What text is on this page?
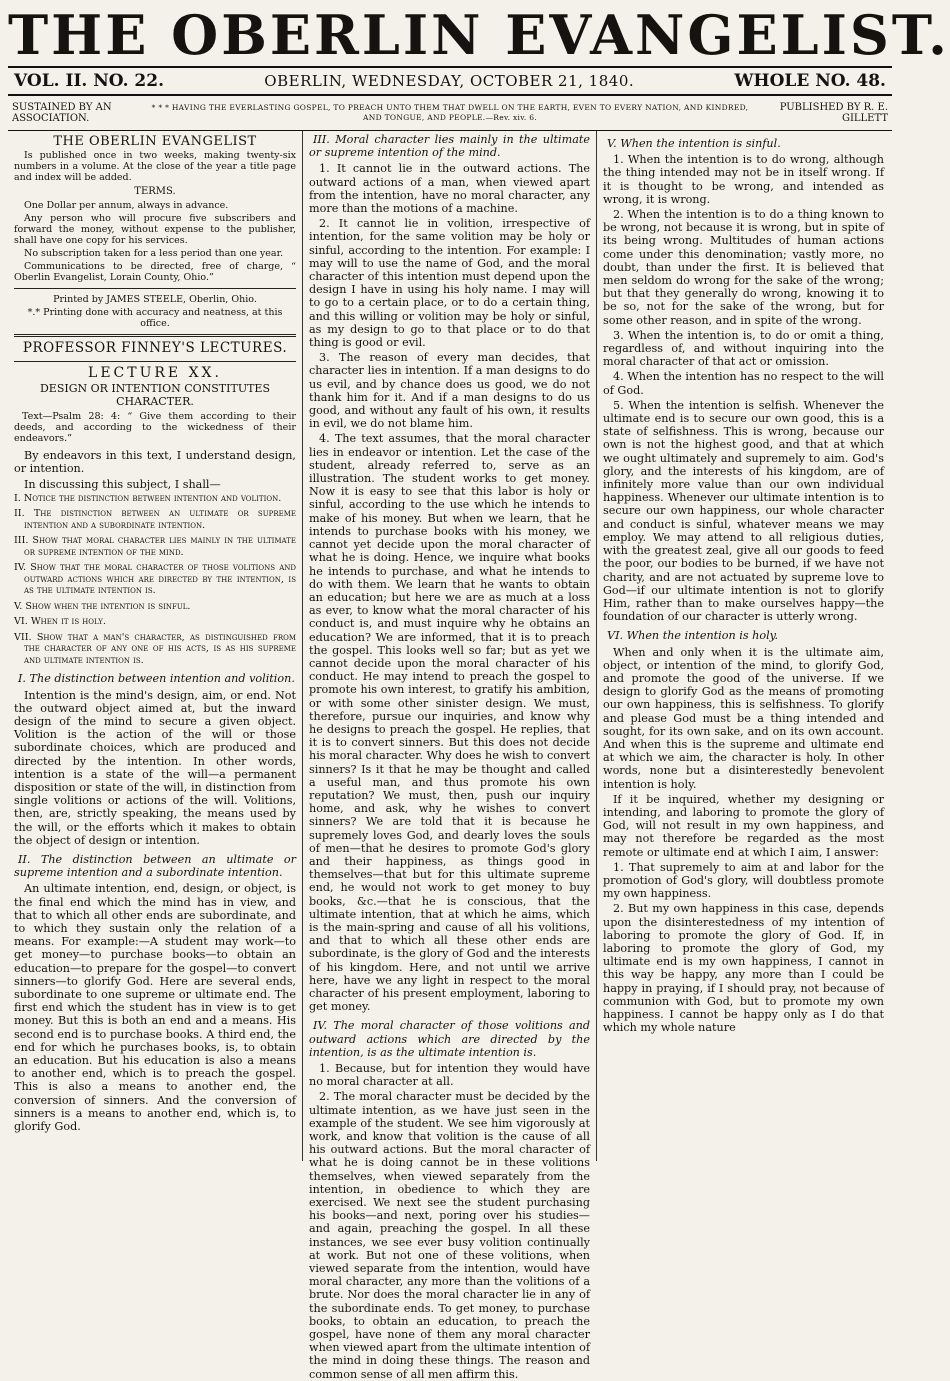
THE OBERLIN EVANGELIST.
VOL. II. NO. 22.	OBERLIN, WEDNESDAY, OCTOBER 21, 1840.	WHOLE NO. 48.
SUSTAINED BY AN ASSOCIATION.
* * * HAVING THE EVERLASTING GOSPEL, TO PREACH UNTO THEM THAT DWELL ON THE EARTH, EVEN TO EVERY NATION, AND KINDRED, AND TONGUE, AND PEOPLE.—Rev. xiv. 6.
PUBLISHED BY R. E. GILLETT
THE OBERLIN EVANGELIST

Is published once in two weeks, making twenty-six numbers in a volume. At the close of the year a title page and index will be added.

TERMS.

One Dollar per annum, always in advance.

Any person who will procure five subscribers and forward the money, without expense to the publisher, shall have one copy for his services.

No subscription taken for a less period than one year.

Communications to be directed, free of charge, “ Oberlin Evangelist, Lorain County, Ohio.”

Printed by JAMES STEELE, Oberlin, Ohio.
*.* Printing done with accuracy and neatness, at this office.
PROFESSOR FINNEY'S LECTURES.
LECTURE XX.
DESIGN OR INTENTION CONSTITUTES CHARACTER.
Text—Psalm 28: 4: “ Give them according to their deeds, and according to the wickedness of their endeavors.”

By endeavors in this text, I understand design, or intention.

In discussing this subject, I shall—

I. Notice the distinction between intention and volition.

II. The distinction between an ultimate or supreme intention and a subordinate intention.

III. Show that moral character lies mainly in the ultimate or supreme intention of the mind.

IV. Show that the moral character of those volitions and outward actions which are directed by the intention, is as the ultimate intention is.

V. Show when the intention is sinful.

VI. When it is holy.

VII. Show that a man's character, as distinguished from the character of any one of his acts, is as his supreme and ultimate intention is.

I. The distinction between intention and volition.

Intention is the mind's design, aim, or end. Not the outward object aimed at, but the inward design of the mind to secure a given object. Volition is the action of the will or those subordinate choices, which are produced and directed by the intention. In other words, intention is a state of the will—a permanent disposition or state of the will, in distinction from single volitions or actions of the will. Volitions, then, are, strictly speaking, the means used by the will, or the efforts which it makes to obtain the object of design or intention.

II. The distinction between an ultimate or supreme intention and a subordinate intention.

An ultimate intention, end, design, or object, is the final end which the mind has in view, and that to which all other ends are subordinate, and to which they sustain only the relation of a means. For example:—A student may work—to get money—to purchase books—to obtain an education—to prepare for the gospel—to convert sinners—to glorify God. Here are several ends, subordinate to one supreme or ultimate end. The first end which the student has in view is to get money. But this is both an end and a means. His second end is to purchase books. A third end, the end for which he purchases books, is, to obtain an education. But his education is also a means to another end, which is to preach the gospel. This is also a means to another end, the conversion of sinners. And the conversion of sinners is a means to another end, which is, to glorify God.

III. Moral character lies mainly in the ultimate or supreme intention of the mind.

1. It cannot lie in the outward actions. The outward actions of a man, when viewed apart from the intention, have no moral character, any more than the motions of a machine.

2. It cannot lie in volition, irrespective of intention, for the same volition may be holy or sinful, according to the intention. For example: I may will to use the name of God, and the moral character of this intention must depend upon the design I have in using his holy name. I may will to go to a certain place, or to do a certain thing, and this willing or volition may be holy or sinful, as my design to go to that place or to do that thing is good or evil.

3. The reason of every man decides, that character lies in intention. If a man designs to do us evil, and by chance does us good, we do not thank him for it. And if a man designs to do us good, and without any fault of his own, it results in evil, we do not blame him.

4. The text assumes, that the moral character lies in endeavor or intention. Let the case of the student, already referred to, serve as an illustration. The student works to get money. Now it is easy to see that this labor is holy or sinful, according to the use which he intends to make of his money. But when we learn, that he intends to purchase books with his money, we cannot yet decide upon the moral character of what he is doing. Hence, we inquire what books he intends to purchase, and what he intends to do with them. We learn that he wants to obtain an education; but here we are as much at a loss as ever, to know what the moral character of his conduct is, and must inquire why he obtains an education? We are informed, that it is to preach the gospel. This looks well so far; but as yet we cannot decide upon the moral character of his conduct. He may intend to preach the gospel to promote his own interest, to gratify his ambition, or with some other sinister design. We must, therefore, pursue our inquiries, and know why he designs to preach the gospel. He replies, that it is to convert sinners. But this does not decide his moral character. Why does he wish to convert sinners? Is it that he may be thought and called a useful man, and thus promote his own reputation? We must, then, push our inquiry home, and ask, why he wishes to convert sinners? We are told that it is because he supremely loves God, and dearly loves the souls of men—that he desires to promote God's glory and their happiness, as things good in themselves—that but for this ultimate supreme end, he would not work to get money to buy books, &c.—that he is conscious, that the ultimate intention, that at which he aims, which is the main-spring and cause of all his volitions, and that to which all these other ends are subordinate, is the glory of God and the interests of his kingdom. Here, and not until we arrive here, have we any light in respect to the moral character of his present employment, laboring to get money.

IV. The moral character of those volitions and outward actions which are directed by the intention, is as the ultimate intention is.

1. Because, but for intention they would have no moral character at all.

2. The moral character must be decided by the ultimate intention, as we have just seen in the example of the student. We see him vigorously at work, and know that volition is the cause of all his outward actions. But the moral character of what he is doing cannot be in these volitions themselves, when viewed separately from the intention, in obedience to which they are exercised. We next see the student purchasing his books—and next, poring over his studies—and again, preaching the gospel. In all these instances, we see ever busy volition continually at work. But not one of these volitions, when viewed separate from the intention, would have moral character, any more than the volitions of a brute. Nor does the moral character lie in any of the subordinate ends. To get money, to purchase books, to obtain an education, to preach the gospel, have none of them any moral character when viewed apart from the ultimate intention of the mind in doing these things. The reason and common sense of all men affirm this.

V. When the intention is sinful.

1. When the intention is to do wrong, although the thing intended may not be in itself wrong. If it is thought to be wrong, and intended as wrong, it is wrong.

2. When the intention is to do a thing known to be wrong, not because it is wrong, but in spite of its being wrong. Multitudes of human actions come under this denomination; vastly more, no doubt, than under the first. It is believed that men seldom do wrong for the sake of the wrong; but that they generally do wrong, knowing it to be so, not for the sake of the wrong, but for some other reason, and in spite of the wrong.

3. When the intention is, to do or omit a thing, regardless of, and without inquiring into the moral character of that act or omission.

4. When the intention has no respect to the will of God.

5. When the intention is selfish. Whenever the ultimate end is to secure our own good, this is a state of selfishness. This is wrong, because our own is not the highest good, and that at which we ought ultimately and supremely to aim. God's glory, and the interests of his kingdom, are of infinitely more value than our own individual happiness. Whenever our ultimate intention is to secure our own happiness, our whole character and conduct is sinful, whatever means we may employ. We may attend to all religious duties, with the greatest zeal, give all our goods to feed the poor, our bodies to be burned, if we have not charity, and are not actuated by supreme love to God—if our ultimate intention is not to glorify Him, rather than to make ourselves happy—the foundation of our character is utterly wrong.

VI. When the intention is holy.

When and only when it is the ultimate aim, object, or intention of the mind, to glorify God, and promote the good of the universe. If we design to glorify God as the means of promoting our own happiness, this is selfishness. To glorify and please God must be a thing intended and sought, for its own sake, and on its own account. And when this is the supreme and ultimate end at which we aim, the character is holy. In other words, none but a disinterestedly benevolent intention is holy.

If it be inquired, whether my designing or intending, and laboring to promote the glory of God, will not result in my own happiness, and may not therefore be regarded as the most remote or ultimate end at which I aim, I answer:

1. That supremely to aim at and labor for the promotion of God's glory, will doubtless promote my own happiness.

2. But my own happiness in this case, depends upon the disinterestedness of my intention of laboring to promote the glory of God. If, in laboring to promote the glory of God, my ultimate end is my own happiness, I cannot in this way be happy, any more than I could be happy in praying, if I should pray, not because of communion with God, but to promote my own happiness. I cannot be happy only as I do that which my whole nature
